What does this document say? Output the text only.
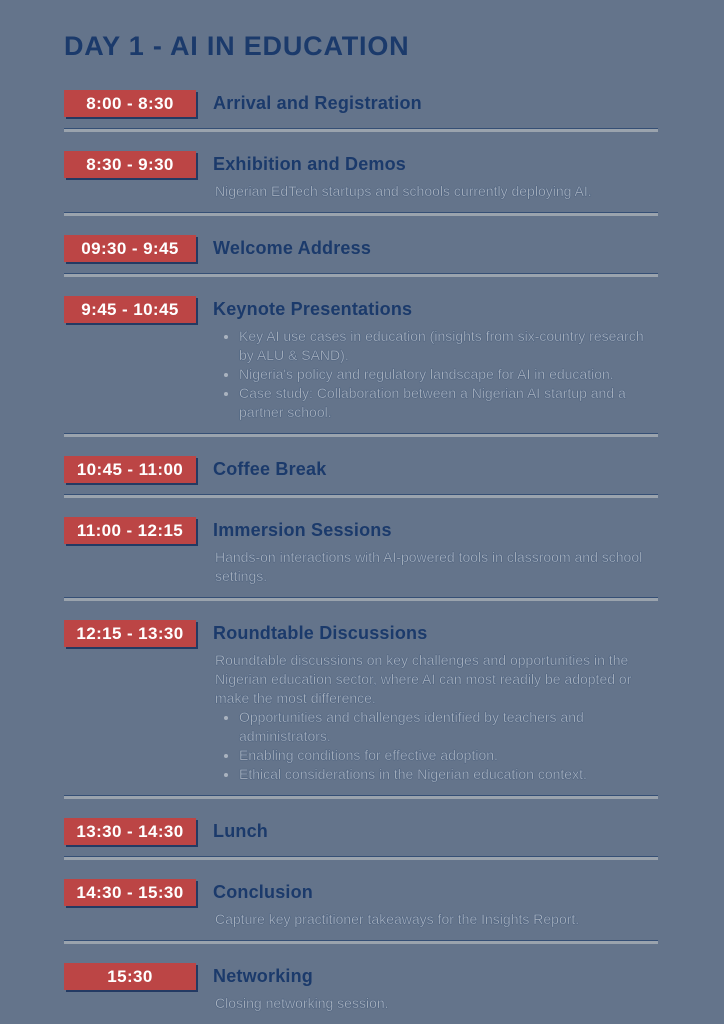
DAY 1 - AI IN EDUCATION
8:00 - 8:30	Arrival and Registration
8:30 - 9:30	Exhibition and Demos

Nigerian EdTech startups and schools currently deploying AI.

09:30 - 9:45	Welcome Address
9:45 - 10:45	Keynote Presentations
• Key AI use cases in education (insights from six-country research by ALU & SAND).
• Nigeria's policy and regulatory landscape for AI in education.
• Case study: Collaboration between a Nigerian AI startup and a partner school.
10:45 - 11:00	Coffee Break
11:00 - 12:15	Immersion Sessions

Hands-on interactions with AI-powered tools in classroom and school settings.

12:15 - 13:30	Roundtable Discussions

Roundtable discussions on key challenges and opportunities in the Nigerian education sector, where AI can most readily be adopted or make the most difference.

• Opportunities and challenges identified by teachers and administrators.
• Enabling conditions for effective adoption.
• Ethical considerations in the Nigerian education context.
13:30 - 14:30	Lunch
14:30 - 15:30	Conclusion

Capture key practitioner takeaways for the Insights Report.

15:30	Networking

Closing networking session.
